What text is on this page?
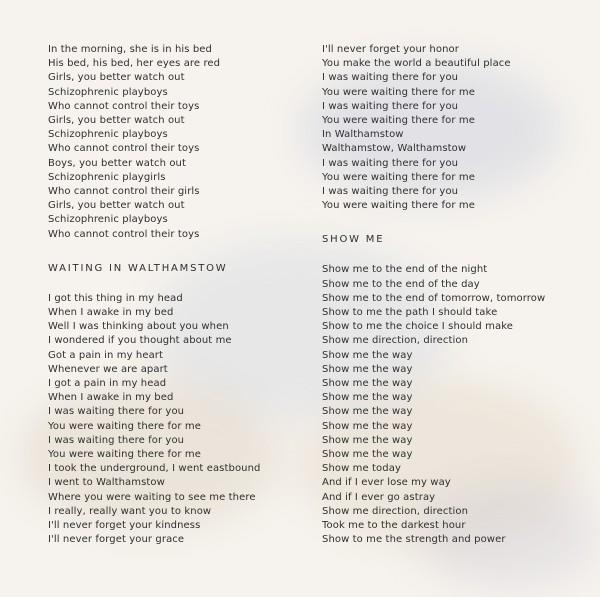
In the morning, she is in his bed
His bed, his bed, her eyes are red
Girls, you better watch out
Schizophrenic playboys
Who cannot control their toys
Girls, you better watch out
Schizophrenic playboys
Who cannot control their toys
Boys, you better watch out
Schizophrenic playgirls
Who cannot control their girls
Girls, you better watch out
Schizophrenic playboys
Who cannot control their toys
WAITING IN WALTHAMSTOW
I got this thing in my head
When I awake in my bed
Well I was thinking about you when
I wondered if you thought about me
Got a pain in my heart
Whenever we are apart
I got a pain in my head
When I awake in my bed
I was waiting there for you
You were waiting there for me
I was waiting there for you
You were waiting there for me
I took the underground, I went eastbound
I went to Walthamstow
Where you were waiting to see me there
I really, really want you to know
I'll never forget your kindness
I'll never forget your grace
I'll never forget your honor
You make the world a beautiful place
I was waiting there for you
You were waiting there for me
I was waiting there for you
You were waiting there for me
In Walthamstow
Walthamstow, Walthamstow
I was waiting there for you
You were waiting there for me
I was waiting there for you
You were waiting there for me
SHOW ME
Show me to the end of the night
Show me to the end of the day
Show me to the end of tomorrow, tomorrow
Show to me the path I should take
Show to me the choice I should make
Show me direction, direction
Show me the way
Show me the way
Show me the way
Show me the way
Show me the way
Show me the way
Show me the way
Show me the way
Show me today
And if I ever lose my way
And if I ever go astray
Show me direction, direction
Took me to the darkest hour
Show to me the strength and power
